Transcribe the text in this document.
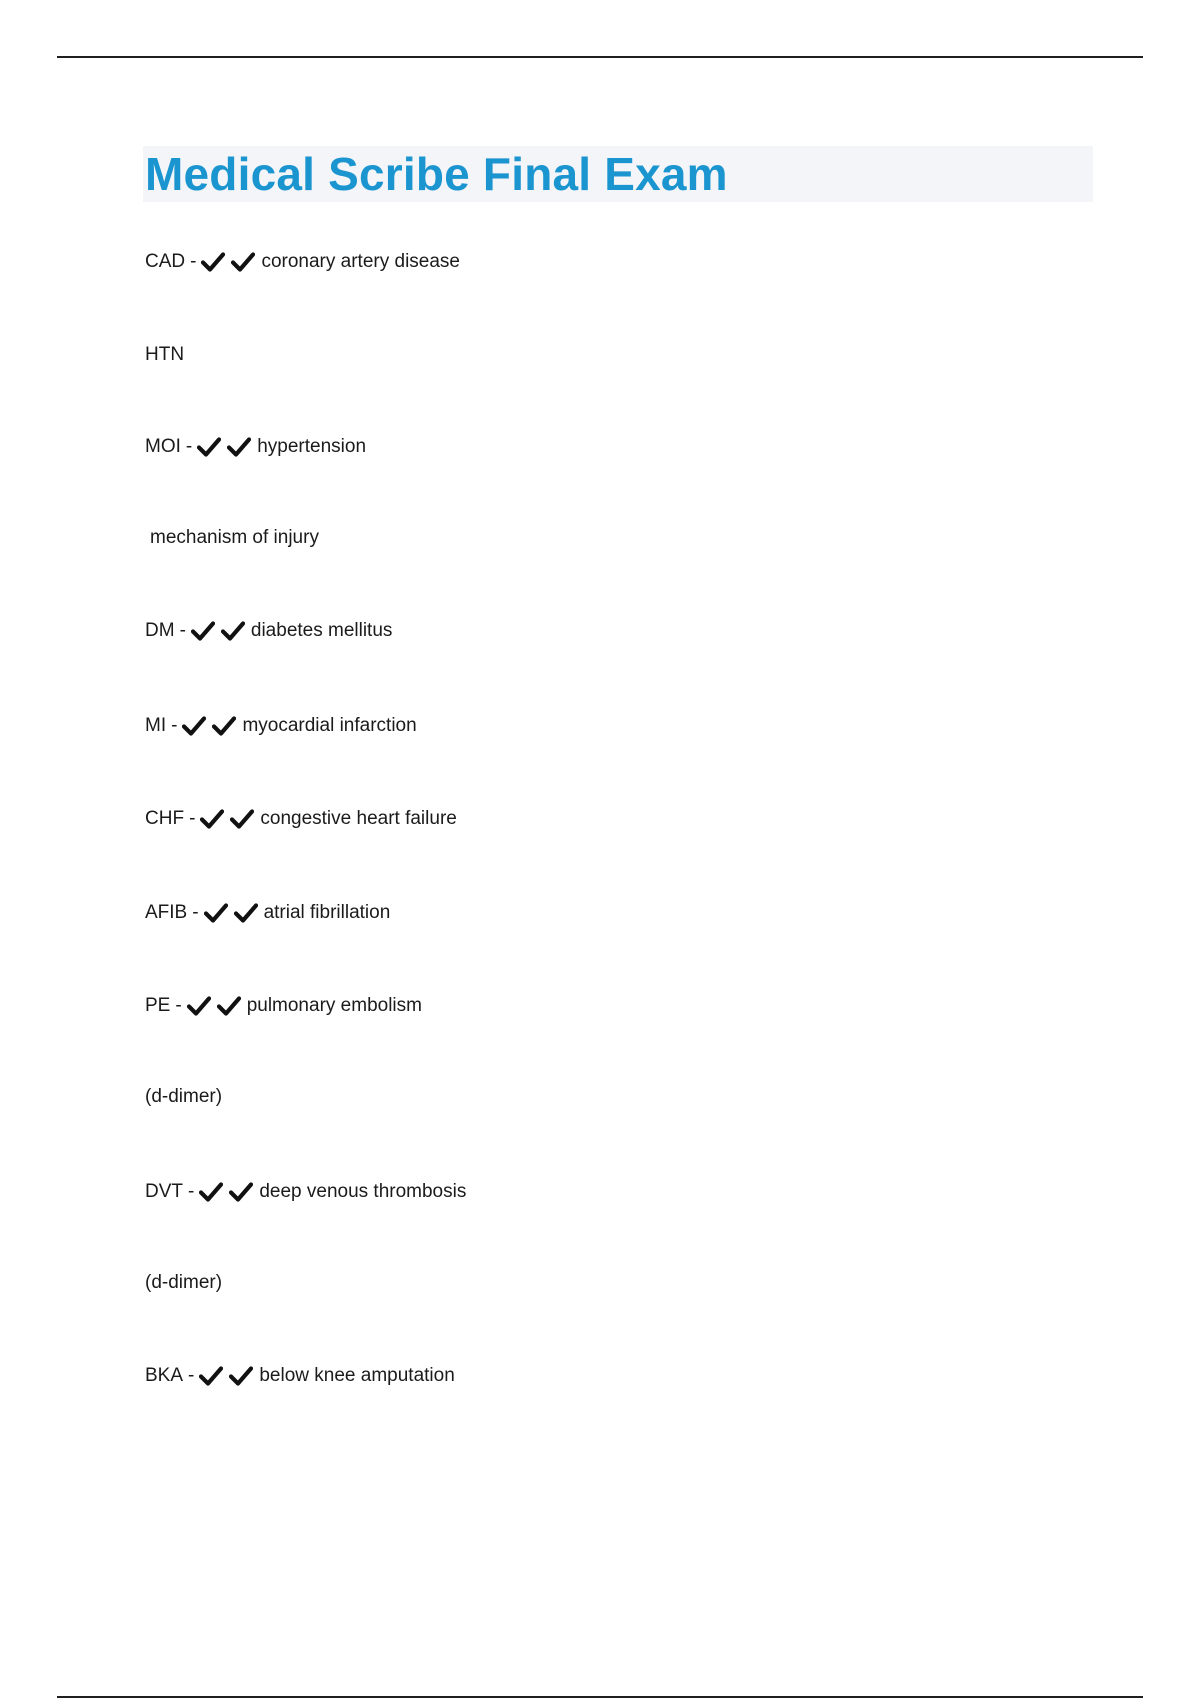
Medical Scribe Final Exam
CAD -	coronary artery disease
HTN
MOI -	hypertension
mechanism of injury
DM -	diabetes mellitus
MI -	myocardial infarction
CHF -	congestive heart failure
AFIB -	atrial fibrillation
PE -	pulmonary embolism
(d-dimer)
DVT -	deep venous thrombosis
(d-dimer)
BKA -	below knee amputation
